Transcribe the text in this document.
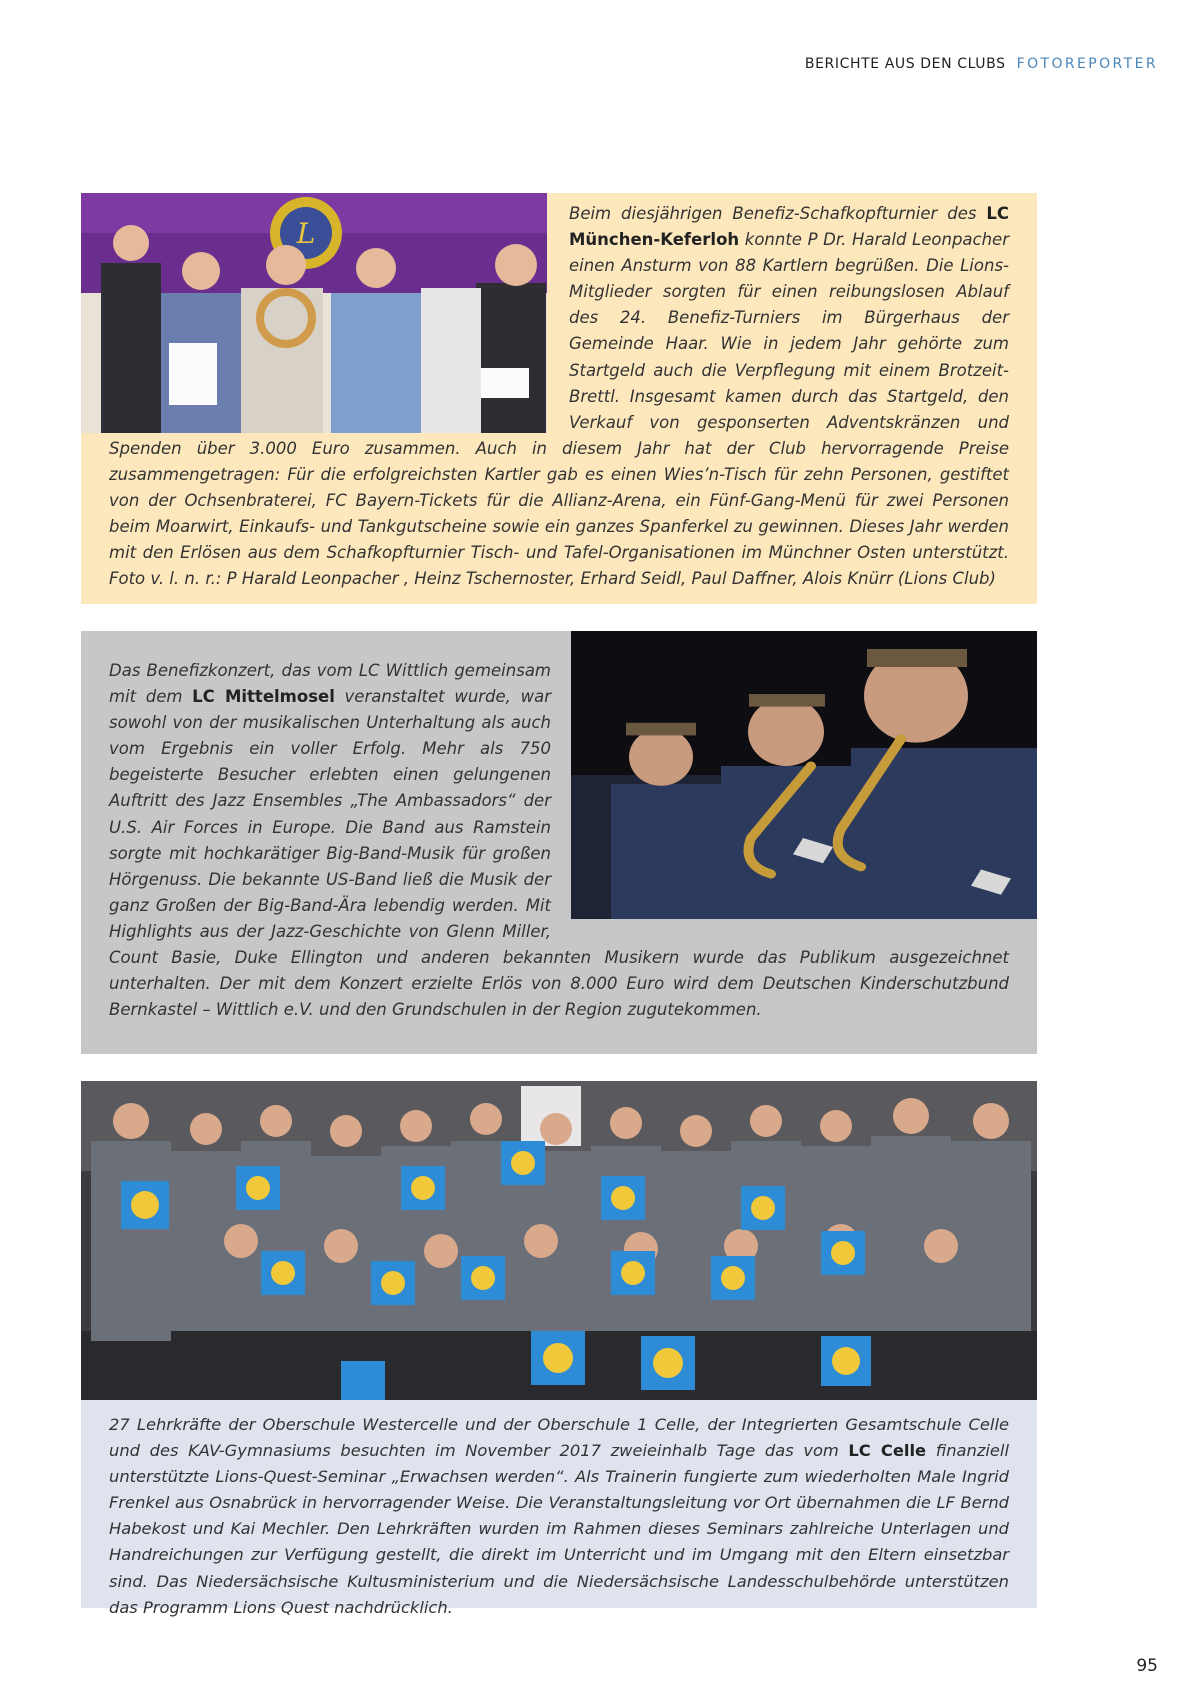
BERICHTE AUS DEN CLUBS FOTOREPORTER
L

Beim diesjährigen Benefiz-Schafkopfturnier des LC München-Keferloh konnte P Dr. Harald Leonpacher einen Ansturm von 88 Kartlern begrüßen. Die Lions-Mitglieder sorgten für einen reibungslosen Ablauf des 24. Benefiz-Turniers im Bürgerhaus der Gemeinde Haar. Wie in jedem Jahr gehörte zum Startgeld auch die Verpflegung mit einem Brotzeit-Brettl. Insgesamt kamen durch das Startgeld, den Verkauf von gesponserten Adventskränzen und Spenden über 3.000 Euro zusammen. Auch in diesem Jahr hat der Club hervorragende Preise zusammengetragen: Für die erfolgreichsten Kartler gab es einen Wies’n-Tisch für zehn Personen, gestiftet von der Ochsenbraterei, FC Bayern-Tickets für die Allianz-Arena, ein Fünf-Gang-Menü für zwei Personen beim Moarwirt, Einkaufs- und Tankgutscheine sowie ein ganzes Spanferkel zu gewinnen. Dieses Jahr werden mit den Erlösen aus dem Schafkopfturnier Tisch- und Tafel-Organisationen im Münchner Osten unterstützt. Foto v. l. n. r.: P Harald Leonpacher , Heinz Tschernoster, Erhard Seidl, Paul Daffner, Alois Knürr (Lions Club)

Das Benefizkonzert, das vom LC Wittlich gemeinsam mit dem LC Mittelmosel veranstaltet wurde, war sowohl von der musikalischen Unterhaltung als auch vom Ergebnis ein voller Erfolg. Mehr als 750 begeisterte Besucher erlebten einen gelungenen Auftritt des Jazz Ensembles „The Ambassadors“ der U.S. Air Forces in Europe. Die Band aus Ramstein sorgte mit hochkarätiger Big-Band-Musik für großen Hörgenuss. Die bekannte US-Band ließ die Musik der ganz Großen der Big-Band-Ära lebendig werden. Mit Highlights aus der Jazz-Geschichte von Glenn Miller, Count Basie, Duke Ellington und anderen bekannten Musikern wurde das Publikum ausgezeichnet unterhalten. Der mit dem Konzert erzielte Erlös von 8.000 Euro wird dem Deutschen Kinderschutzbund Bernkastel – Wittlich e.V. und den Grundschulen in der Region zugutekommen.

27 Lehrkräfte der Oberschule Westercelle und der Oberschule 1 Celle, der Integrierten Gesamtschule Celle und des KAV-Gymnasiums besuchten im November 2017 zweieinhalb Tage das vom LC Celle finanziell unterstützte Lions-Quest-Seminar „Erwachsen werden“. Als Trainerin fungierte zum wiederholten Male Ingrid Frenkel aus Osnabrück in hervorragender Weise. Die Veranstaltungsleitung vor Ort übernahmen die LF Bernd Habekost und Kai Mechler. Den Lehrkräften wurden im Rahmen dieses Seminars zahlreiche Unterlagen und Handreichungen zur Verfügung gestellt, die direkt im Unterricht und im Umgang mit den Eltern einsetzbar sind. Das Niedersächsische Kultusministerium und die Niedersächsische Landesschulbehörde unterstützen das Programm Lions Quest nachdrücklich.

95
